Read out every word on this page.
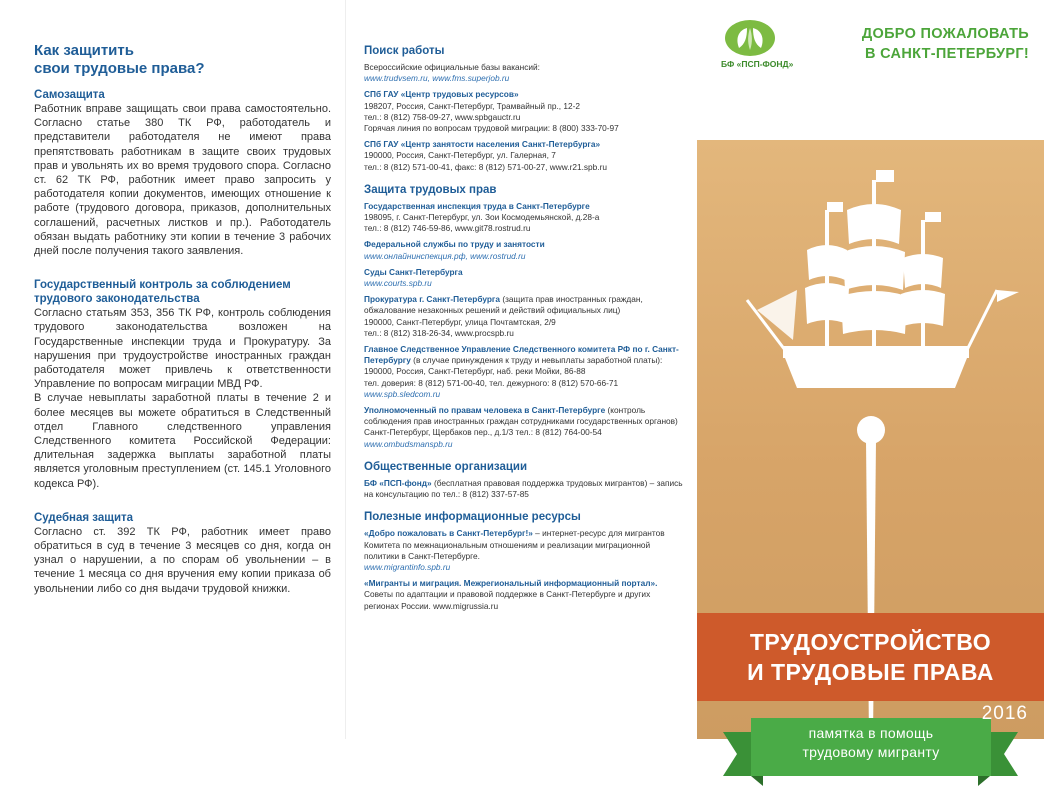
Как защитить
свои трудовые права?
Самозащита

Работник вправе защищать свои права самостоятельно. Согласно статье 380 ТК РФ, работодатель и представители работодателя не имеют права препятствовать работникам в защите своих трудовых прав и увольнять их во время трудового спора. Согласно ст. 62 ТК РФ, работник имеет право запросить у работодателя копии документов, имеющих отношение к работе (трудового договора, приказов, дополнительных соглашений, расчетных листков и пр.). Работодатель обязан выдать работнику эти копии в течение 3 рабочих дней после получения такого заявления.

Государственный контроль за соблюдением трудового законодательства

Согласно статьям 353, 356 ТК РФ, контроль соблюдения трудового законодательства возложен на Государственные инспекции труда и Прокуратуру. За нарушения при трудоустройстве иностранных граждан работодателя может привлечь к ответственности Управление по вопросам миграции МВД РФ.

В случае невыплаты заработной платы в течение 2 и более месяцев вы можете обратиться в Следственный отдел Главного следственного управления Следственного комитета Российской Федерации: длительная задержка выплаты заработной платы является уголовным преступлением (ст. 145.1 Уголовного кодекса РФ).

Судебная защита

Согласно ст. 392 ТК РФ, работник имеет право обратиться в суд в течение 3 месяцев со дня, когда он узнал о нарушении, а по спорам об увольнении – в течение 1 месяца со дня вручения ему копии приказа об увольнении либо со дня выдачи трудовой книжки.

Поиск работы
Всероссийские официальные базы вакансий:
www.trudvsem.ru, www.fms.superjob.ru
СПб ГАУ «Центр трудовых ресурсов»
198207, Россия, Санкт-Петербург, Трамвайный пр., 12-2
тел.: 8 (812) 758-09-27, www.spbgauctr.ru
Горячая линия по вопросам трудовой миграции: 8 (800) 333-70-97
СПб ГАУ «Центр занятости населения Санкт-Петербурга»
190000, Россия, Санкт-Петербург, ул. Галерная, 7
тел.: 8 (812) 571-00-41, факс: 8 (812) 571-00-27, www.r21.spb.ru
Защита трудовых прав
Государственная инспекция труда в Санкт-Петербурге
198095, г. Санкт-Петербург, ул. Зои Космодемьянской, д.28-а
тел.: 8 (812) 746-59-86, www.git78.rostrud.ru
Федеральной службы по труду и занятости
www.онлайнинспекция.рф, www.rostrud.ru
Суды Санкт-Петербурга
www.courts.spb.ru
Прокуратура г. Санкт-Петербурга (защита прав иностранных граждан, обжалование незаконных решений и действий официальных лиц)
190000, Санкт-Петербург, улица Почтамтская, 2/9
тел.: 8 (812) 318-26-34, www.procspb.ru
Главное Следственное Управление Следственного комитета РФ по г. Санкт-Петербургу (в случае принуждения к труду и невыплаты заработной платы):
190000, Россия, Санкт-Петербург, наб. реки Мойки, 86-88
тел. доверия: 8 (812) 571-00-40, тел. дежурного: 8 (812) 570-66-71
www.spb.sledcom.ru
Уполномоченный по правам человека в Санкт-Петербурге (контроль соблюдения прав иностранных граждан сотрудниками государственных органов) Санкт-Петербург, Щербаков пер., д.1/3 тел.: 8 (812) 764-00-54
www.ombudsmanspb.ru
Общественные организации
БФ «ПСП-фонд» (бесплатная правовая поддержка трудовых мигрантов) – запись на консультацию по тел.: 8 (812) 337-57-85
Полезные информационные ресурсы
«Добро пожаловать в Санкт-Петербург!» – интернет-ресурс для мигрантов Комитета по межнациональным отношениям и реализации миграционной политики в Санкт-Петербурге.
www.migrantinfo.spb.ru
«Мигранты и миграция. Межрегиональный информационный портал». Советы по адаптации и правовой поддержке в Санкт-Петербурге и других регионах России. www.migrussia.ru
БФ «ПСП-ФОНД»
ДОБРО ПОЖАЛОВАТЬ
В САНКТ-ПЕТЕРБУРГ!
ТРУДОУСТРОЙСТВО
И ТРУДОВЫЕ ПРАВА
памятка в помощь
трудовому мигранту
2016
